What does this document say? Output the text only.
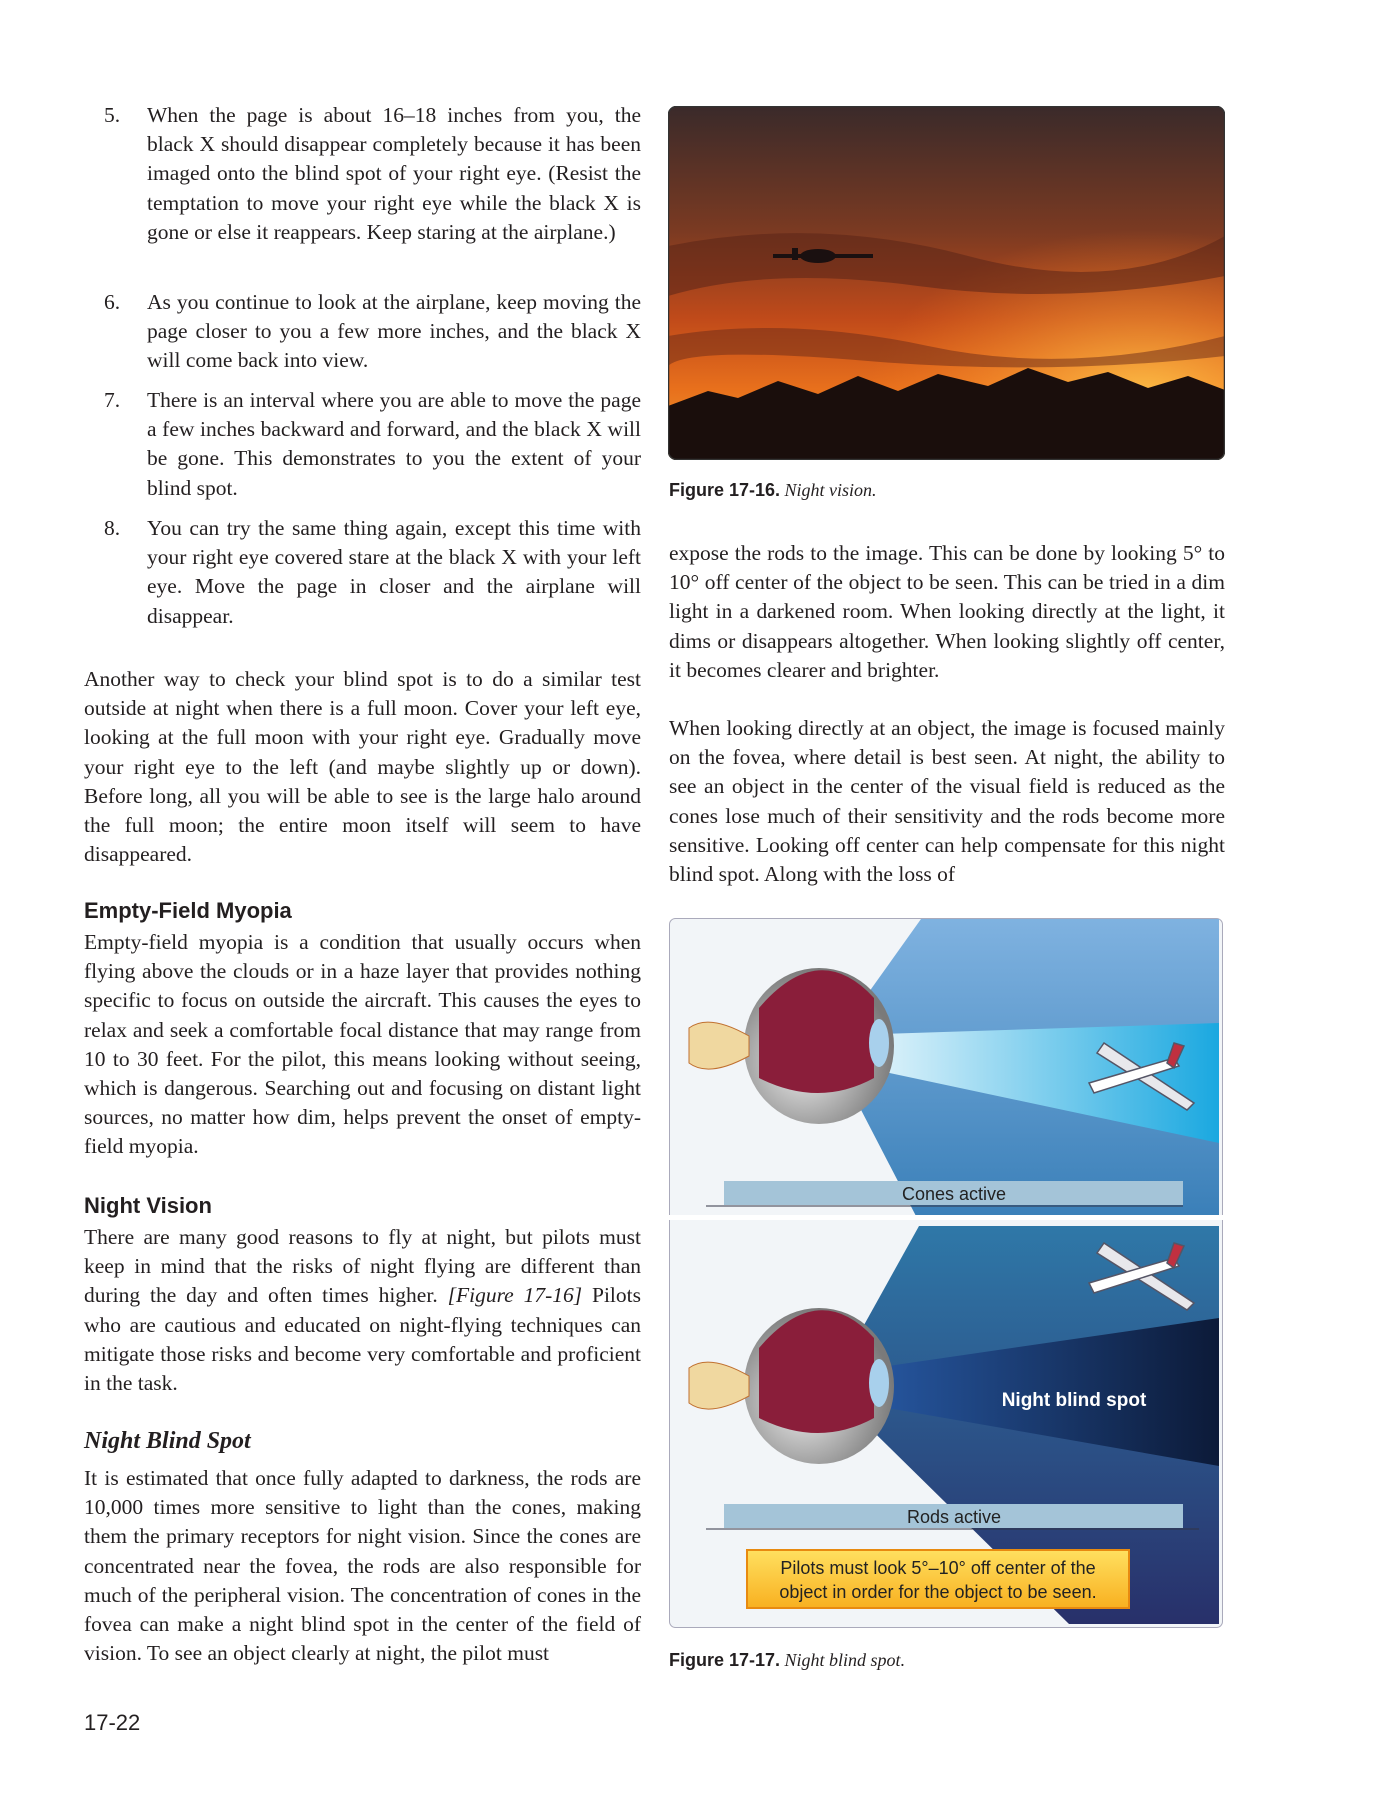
5. When the page is about 16–18 inches from you, the black X should disappear completely because it has been imaged onto the blind spot of your right eye. (Resist the temptation to move your right eye while the black X is gone or else it reappears. Keep staring at the airplane.)
6. As you continue to look at the airplane, keep moving the page closer to you a few more inches, and the black X will come back into view.
7. There is an interval where you are able to move the page a few inches backward and forward, and the black X will be gone. This demonstrates to you the extent of your blind spot.
8. You can try the same thing again, except this time with your right eye covered stare at the black X with your left eye. Move the page in closer and the airplane will disappear.

Another way to check your blind spot is to do a similar test outside at night when there is a full moon. Cover your left eye, looking at the full moon with your right eye. Gradually move your right eye to the left (and maybe slightly up or down). Before long, all you will be able to see is the large halo around the full moon; the entire moon itself will seem to have disappeared.

Empty-Field Myopia

Empty-field myopia is a condition that usually occurs when flying above the clouds or in a haze layer that provides nothing specific to focus on outside the aircraft. This causes the eyes to relax and seek a comfortable focal distance that may range from 10 to 30 feet. For the pilot, this means looking without seeing, which is dangerous. Searching out and focusing on distant light sources, no matter how dim, helps prevent the onset of empty-field myopia.

Night Vision

There are many good reasons to fly at night, but pilots must keep in mind that the risks of night flying are different than during the day and often times higher. [Figure 17-16] Pilots who are cautious and educated on night-flying techniques can mitigate those risks and become very comfortable and proficient in the task.

Night Blind Spot

It is estimated that once fully adapted to darkness, the rods are 10,000 times more sensitive to light than the cones, making them the primary receptors for night vision. Since the cones are concentrated near the fovea, the rods are also responsible for much of the peripheral vision. The concentration of cones in the fovea can make a night blind spot in the center of the field of vision. To see an object clearly at night, the pilot must

Figure 17-16. Night vision.

expose the rods to the image. This can be done by looking 5° to 10° off center of the object to be seen. This can be tried in a dim light in a darkened room. When looking directly at the light, it dims or disappears altogether. When looking slightly off center, it becomes clearer and brighter.

When looking directly at an object, the image is focused mainly on the fovea, where detail is best seen. At night, the ability to see an object in the center of the visual field is reduced as the cones lose much of their sensitivity and the rods become more sensitive. Looking off center can help compensate for this night blind spot. Along with the loss of

Cones active
Night blind spot
Rods active
Pilots must look 5°–10° off center of the
object in order for the object to be seen.
Figure 17-17. Night blind spot.
17-22
